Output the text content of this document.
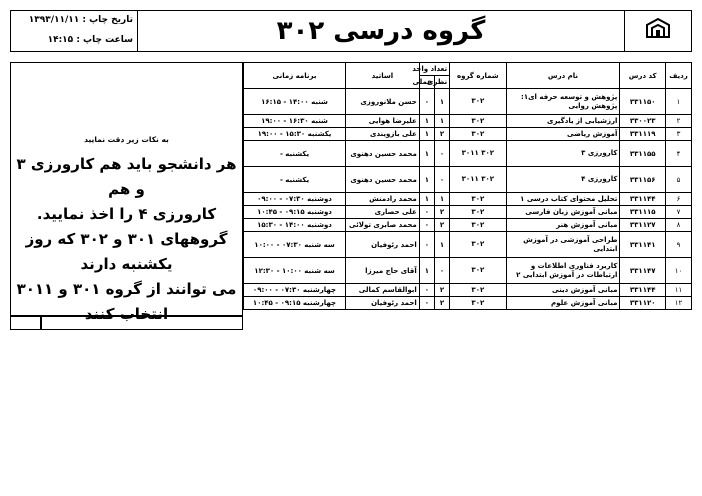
تاریخ چاپ : ۱۳۹۳/۱۱/۱۱
ساعت چاپ : ۱۴:۱۵	گروه درسی ۳۰۲
به نکات زیر دقت نمایید
هر دانشجو باید هم کارورزی ۳ و هم
کارورزی ۴ را اخذ نمایید.
گروههای ۳۰۱ و ۳۰۲ که روز یکشنبه دارند
می توانند از گروه ۳۰۱ و ۳۰۱۱ انتخاب کنند
ردیف	کد درس	نام درس	شماره گروه	تعداد واحد		اساتید	برنامه زمانی
				نظری	عملی		
۱	۳۳۱۱۵۰	پژوهش و توسعه حرفه ای۱: پژوهش روایی	۳۰۲	۱	۰	حسن ملانوروزی	شنبه ۱۴:۰۰ - ۱۶:۱۵
۲	۳۳۰۰۲۳	ارزشیابی از یادگیری	۳۰۲	۱	۱	علیرضا هوایی	شنبه ۱۶:۳۰ - ۱۹:۰۰
۳	۳۳۱۱۱۹	آموزش ریاضی	۳۰۲	۲	۱	علی بازویندی	یکشنبه ۱۵:۳۰ - ۱۹:۰۰
۴	۳۳۱۱۵۵	کارورزی ۳	۳۰۲ ۳۰۱۱	۰	۱	محمد حسین دهنوی	یکشنبه -
۵	۳۳۱۱۵۶	کارورزی ۴	۳۰۲ ۳۰۱۱	۰	۱	محمد حسین دهنوی	یکشنبه -
۶	۳۳۱۱۴۴	تحلیل محتوای کتاب درسی ۱	۳۰۲	۱	۱	محمد رادمنش	دوشنبه ۰۷:۳۰ - ۰۹:۰۰
۷	۳۳۱۱۱۵	مبانی آموزش زبان فارسی	۳۰۲	۲	۰	علی حصاری	دوشنبه ۰۹:۱۵ - ۱۰:۴۵
۸	۳۳۱۱۲۷	مبانی آموزش هنر	۳۰۲	۲	۰	محمد صابری تولائی	دوشنبه ۱۴:۰۰ - ۱۵:۳۰
۹	۳۳۱۱۴۱	طراحی آموزشی در آموزش ابتدایی	۳۰۲	۱	۰	احمد رئوفیان	سه شنبه ۰۷:۳۰ - ۱۰:۰۰
۱۰	۳۳۱۱۴۷	کاربرد فناوری اطلاعات و ارتباطات در آموزش ابتدایی ۲	۳۰۲	۰	۱	آقای حاج میرزا	سه شنبه ۱۰:۰۰ - ۱۲:۳۰
۱۱	۳۳۱۱۴۴	مبانی آموزش دینی	۳۰۲	۲	۰	ابوالقاسم کمالی	چهارشنبه ۰۷:۳۰ - ۰۹:۰۰
۱۲	۳۳۱۱۲۰	مبانی آموزش علوم	۳۰۲	۲	۰	احمد رئوفیان	چهارشنبه ۰۹:۱۵ - ۱۰:۴۵
